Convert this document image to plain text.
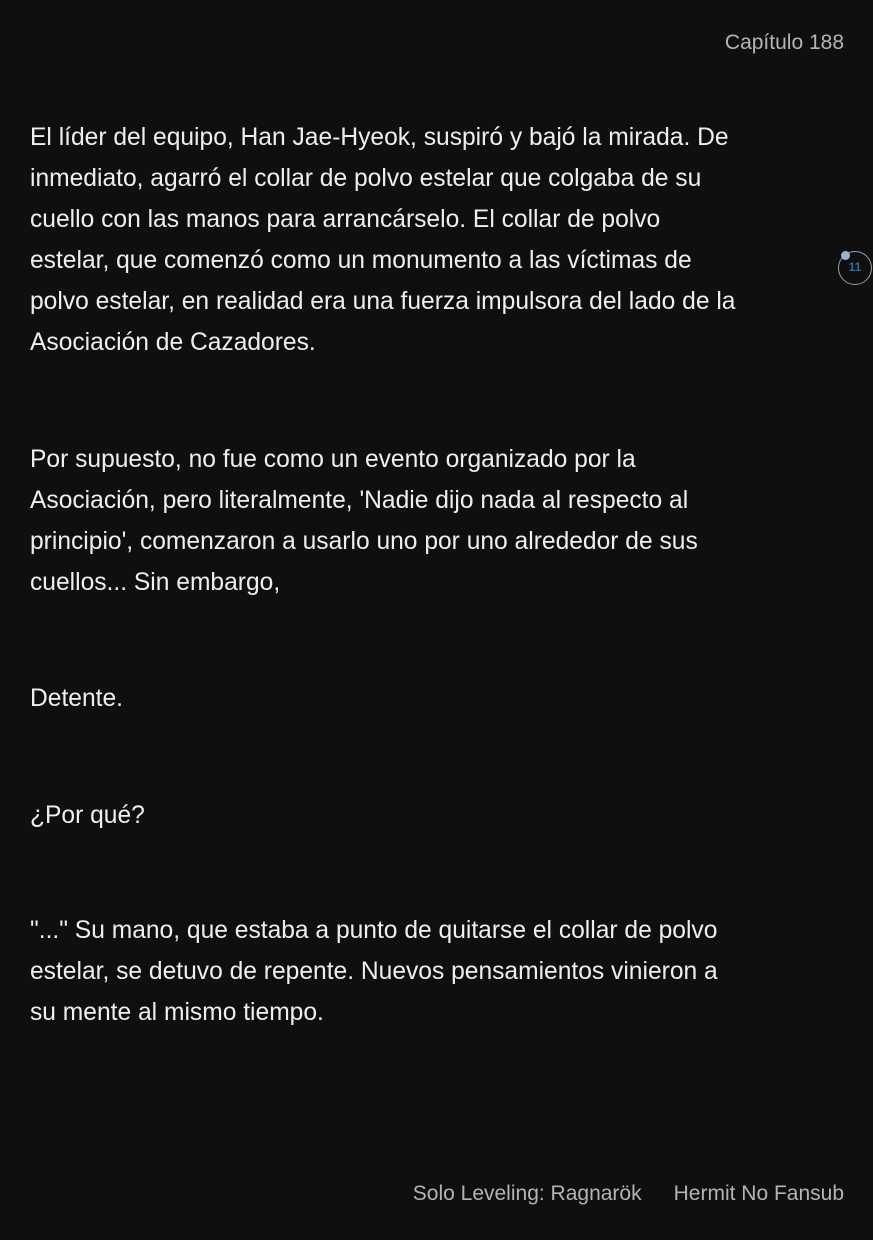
Capítulo 188
El líder del equipo, Han Jae-Hyeok, suspiró y bajó la mirada. De
inmediato, agarró el collar de polvo estelar que colgaba de su
cuello con las manos para arrancárselo. El collar de polvo
estelar, que comenzó como un monumento a las víctimas de
polvo estelar, en realidad era una fuerza impulsora del lado de la
Asociación de Cazadores.
11
Por supuesto, no fue como un evento organizado por la
Asociación, pero literalmente, 'Nadie dijo nada al respecto al
principio', comenzaron a usarlo uno por uno alrededor de sus
cuellos... Sin embargo,
Detente.
¿Por qué?
"..." Su mano, que estaba a punto de quitarse el collar de polvo
estelar, se detuvo de repente. Nuevos pensamientos vinieron a
su mente al mismo tiempo.
Solo Leveling: Ragnarök Hermit No Fansub
